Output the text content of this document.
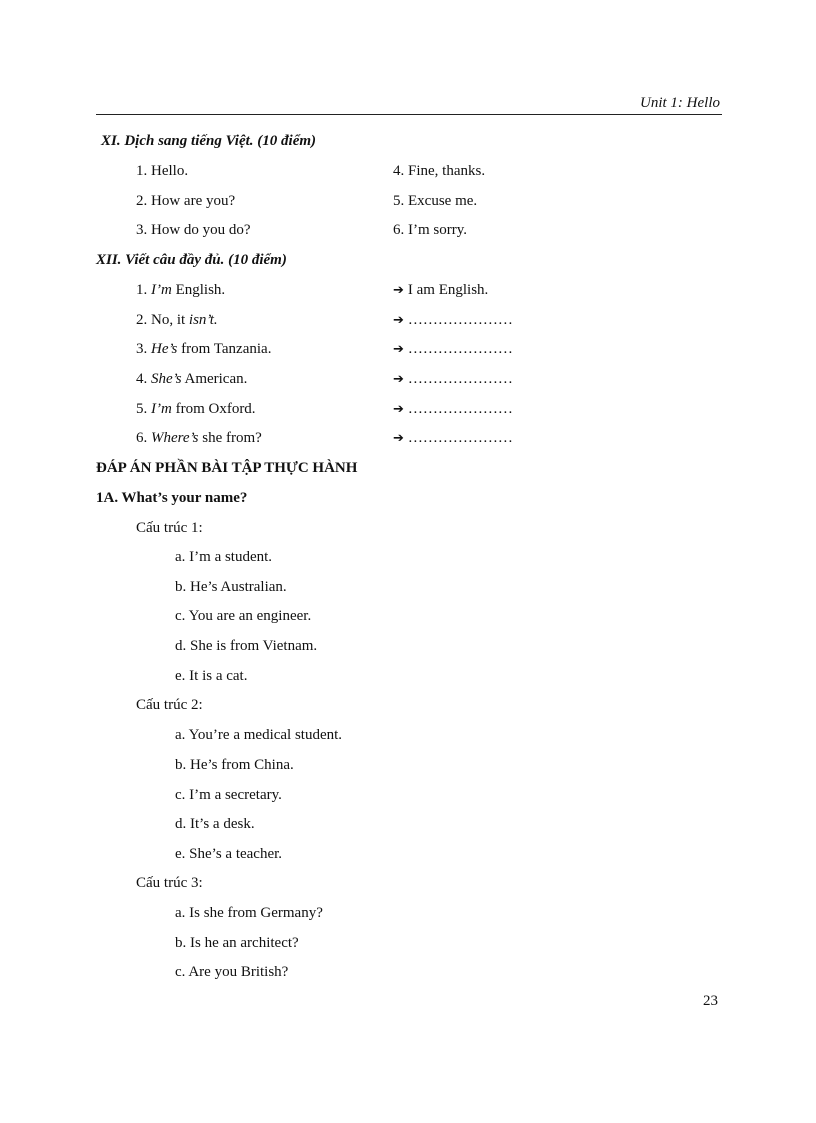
Unit 1: Hello
XI. Dịch sang tiếng Việt. (10 điểm)
1. Hello.	4. Fine, thanks.
2. How are you?	5. Excuse me.
3. How do you do?	6. I’m sorry.
XII. Viết câu đầy đủ. (10 điểm)
1. I’m English.	➔ I am English.
2. No, it isn’t.	➔ …………………
3. He’s from Tanzania.	➔ …………………
4. She’s American.	➔ …………………
5. I’m from Oxford.	➔ …………………
6. Where’s she from?	➔ …………………
ĐÁP ÁN PHẦN BÀI TẬP THỰC HÀNH
1A. What’s your name?
Cấu trúc 1:
a. I’m a student.
b. He’s Australian.
c. You are an engineer.
d. She is from Vietnam.
e. It is a cat.
Cấu trúc 2:
a. You’re a medical student.
b. He’s from China.
c. I’m a secretary.
d. It’s a desk.
e. She’s a teacher.
Cấu trúc 3:
a. Is she from Germany?
b. Is he an architect?
c. Are you British?
23
